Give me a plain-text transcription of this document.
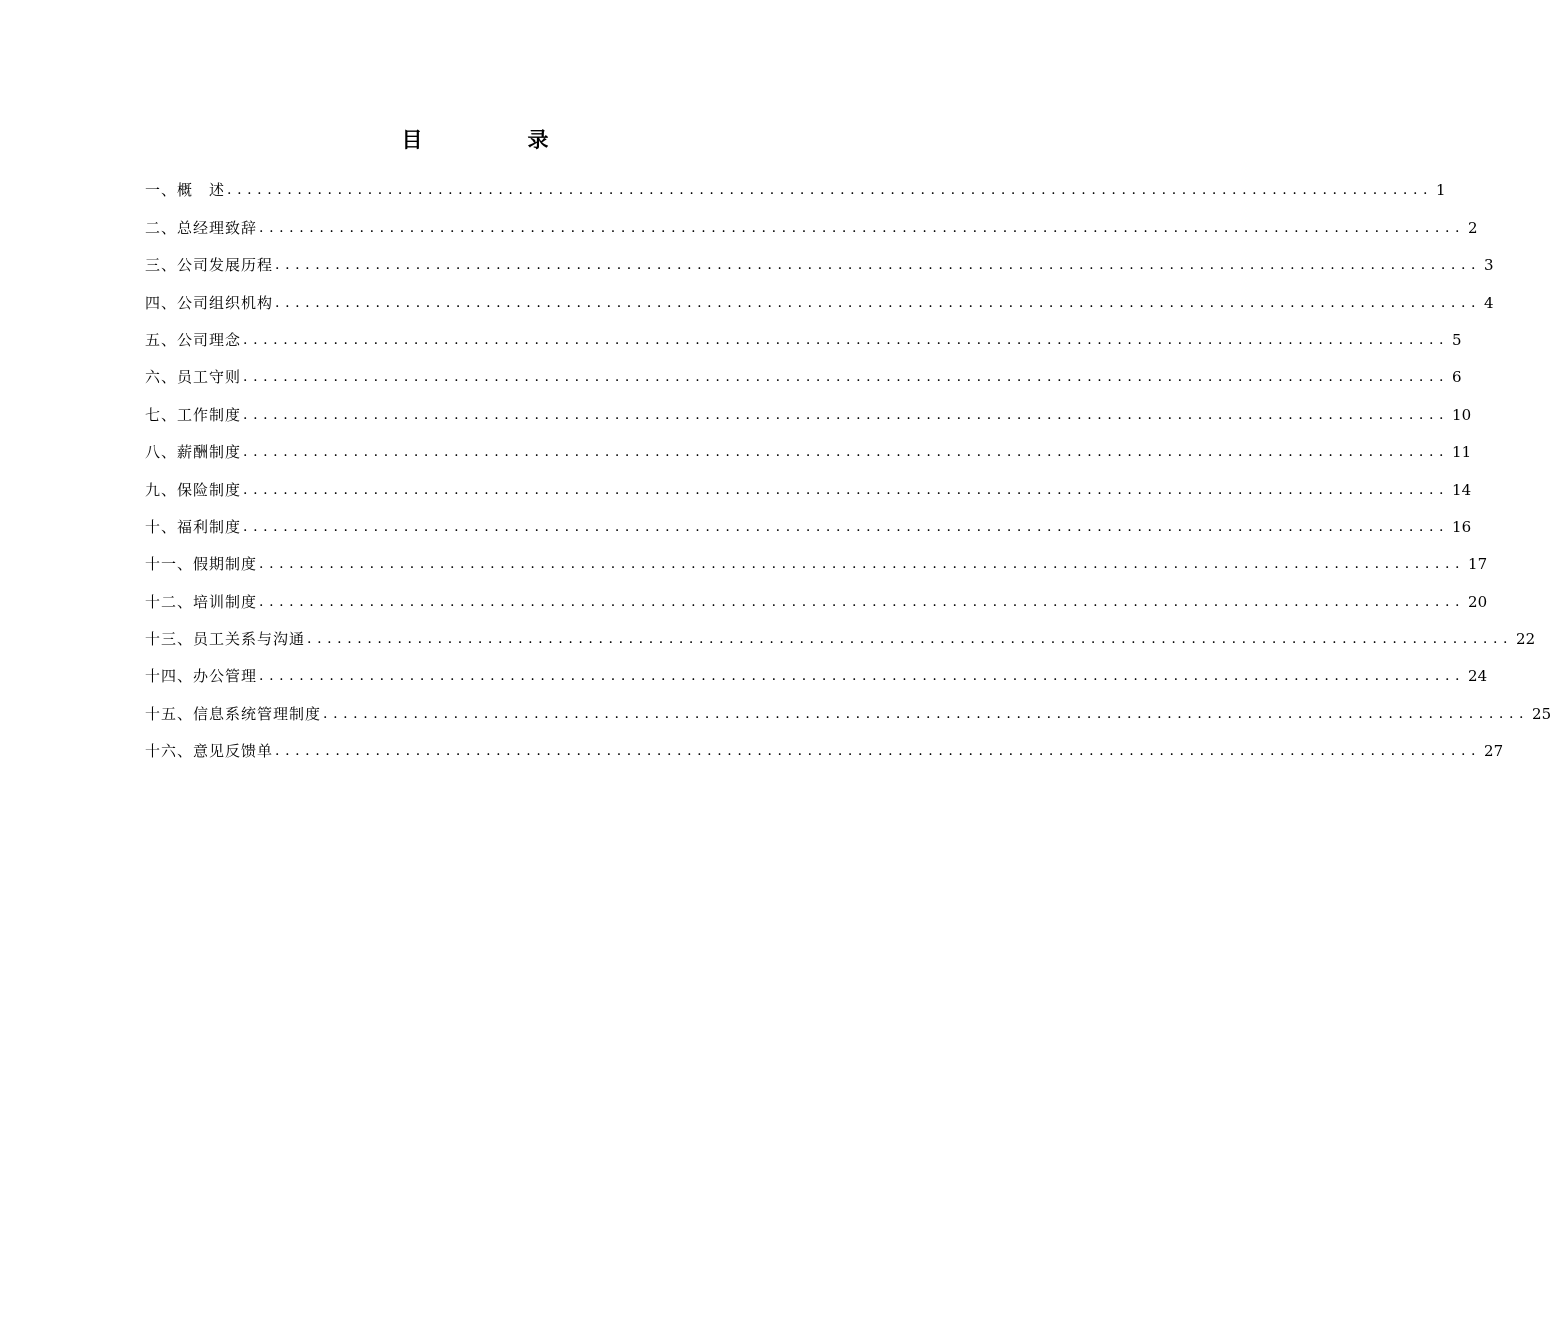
目　录
一、概　述 ........................................................................................................................ 1
二、总经理致辞 ........................................................................................................................ 2
三、公司发展历程 ........................................................................................................................ 3
四、公司组织机构 ........................................................................................................................ 4
五、公司理念 ........................................................................................................................ 5
六、员工守则 ........................................................................................................................ 6
七、工作制度 ........................................................................................................................ 10
八、薪酬制度 ........................................................................................................................ 11
九、保险制度 ........................................................................................................................ 14
十、福利制度 ........................................................................................................................ 16
十一、假期制度 ........................................................................................................................ 17
十二、培训制度 ........................................................................................................................ 20
十三、员工关系与沟通 ........................................................................................................................ 22
十四、办公管理 ........................................................................................................................ 24
十五、信息系统管理制度 ........................................................................................................................ 25
十六、意见反馈单 ........................................................................................................................ 27
